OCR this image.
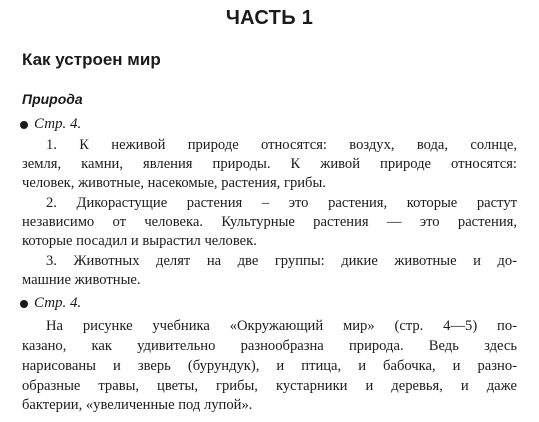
ЧАСТЬ 1
Как устроен мир
Природа
Стр. 4.
1. К неживой природе относятся: воздух, вода, солнце,
земля, камни, явления природы. К живой природе относятся:
человек, животные, насекомые, растения, грибы.
2. Дикорастущие растения – это растения, которые растут
независимо от человека. Культурные растения — это растения,
которые посадил и вырастил человек.
3. Животных делят на две группы: дикие животные и до-
машние животные.
Стр. 4.
На рисунке учебника «Окружающий мир» (стр. 4—5) по-
казано, как удивительно разнообразна природа. Ведь здесь
нарисованы и зверь (бурундук), и птица, и бабочка, и разно-
образные травы, цветы, грибы, кустарники и деревья, и даже
бактерии, «увеличенные под лупой».
